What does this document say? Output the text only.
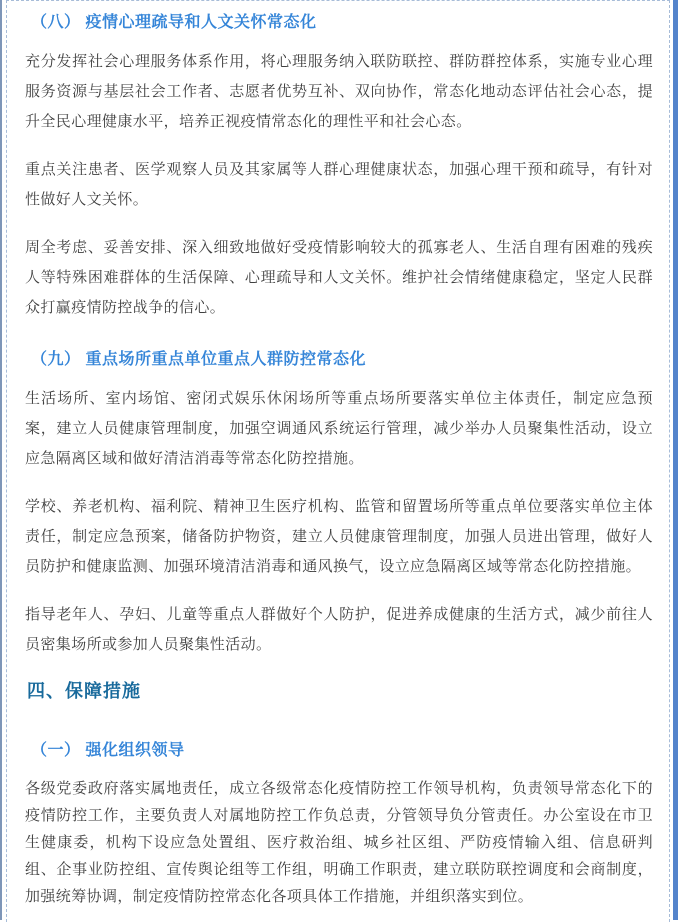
（八） 疫情心理疏导和人文关怀常态化

充分发挥社会心理服务体系作用，将心理服务纳入联防联控、群防群控体系，实施专业心理服务资源与基层社会工作者、志愿者优势互补、双向协作，常态化地动态评估社会心态，提升全民心理健康水平，培养正视疫情常态化的理性平和社会心态。

重点关注患者、医学观察人员及其家属等人群心理健康状态，加强心理干预和疏导，有针对性做好人文关怀。

周全考虑、妥善安排、深入细致地做好受疫情影响较大的孤寡老人、生活自理有困难的残疾人等特殊困难群体的生活保障、心理疏导和人文关怀。维护社会情绪健康稳定，坚定人民群众打赢疫情防控战争的信心。

（九） 重点场所重点单位重点人群防控常态化

生活场所、室内场馆、密闭式娱乐休闲场所等重点场所要落实单位主体责任，制定应急预案，建立人员健康管理制度，加强空调通风系统运行管理，减少举办人员聚集性活动，设立应急隔离区域和做好清洁消毒等常态化防控措施。

学校、养老机构、福利院、精神卫生医疗机构、监管和留置场所等重点单位要落实单位主体责任，制定应急预案，储备防护物资，建立人员健康管理制度，加强人员进出管理，做好人员防护和健康监测、加强环境清洁消毒和通风换气，设立应急隔离区域等常态化防控措施。

指导老年人、孕妇、儿童等重点人群做好个人防护，促进养成健康的生活方式，减少前往人员密集场所或参加人员聚集性活动。

四、保障措施
（一） 强化组织领导

各级党委政府落实属地责任，成立各级常态化疫情防控工作领导机构，负责领导常态化下的疫情防控工作，主要负责人对属地防控工作负总责，分管领导负分管责任。办公室设在市卫生健康委，机构下设应急处置组、医疗救治组、城乡社区组、严防疫情输入组、信息研判组、企事业防控组、宣传舆论组等工作组，明确工作职责，建立联防联控调度和会商制度，加强统筹协调，制定疫情防控常态化各项具体工作措施，并组织落实到位。
